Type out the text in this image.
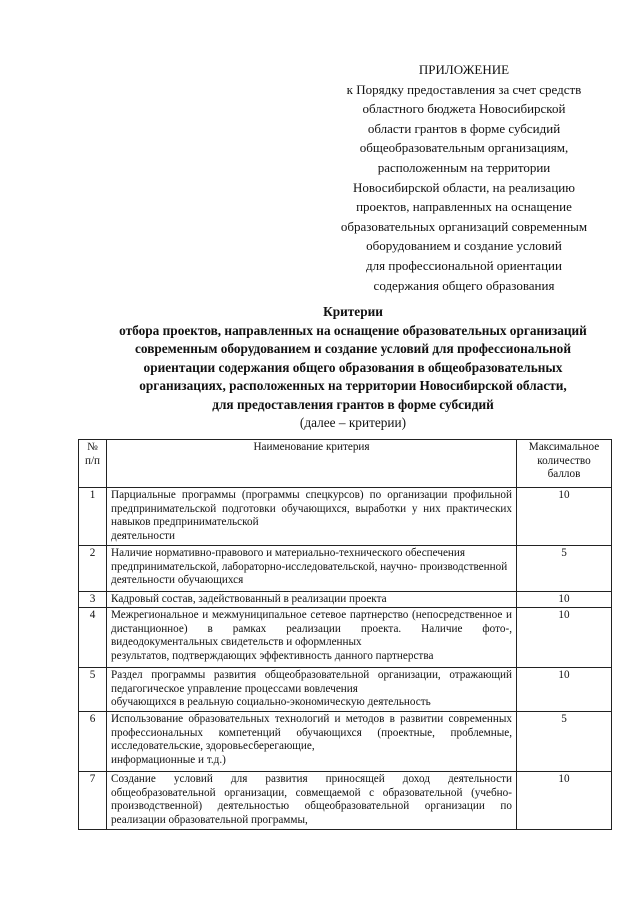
ПРИЛОЖЕНИЕ
к Порядку предоставления за счет средств
областного бюджета Новосибирской
области грантов в форме субсидий
общеобразовательным организациям,
расположенным на территории
Новосибирской области, на реализацию
проектов, направленных на оснащение
образовательных организаций современным
оборудованием и создание условий
для профессиональной ориентации
содержания общего образования
Критерии
отбора проектов, направленных на оснащение образовательных организаций
современным оборудованием и создание условий для профессиональной
ориентации содержания общего образования в общеобразовательных
организациях, расположенных на территории Новосибирской области,
для предоставления грантов в форме субсидий
(далее – критерии)
№
п/п	Наименование критерия	Максимальное количество баллов
1	Парциальные программы (программы спецкурсов) по организации профильной предпринимательской подготовки обучающихся, выработки у них практических навыков предпринимательской
деятельности	10
2	Наличие нормативно-правового и материально-технического обеспечения предпринимательской, лабораторно-исследовательской, научно- производственной деятельности обучающихся	5
3	Кадровый состав, задействованный в реализации проекта	10
4	Межрегиональное и межмуниципальное сетевое партнерство (непосредственное и дистанционное) в рамках реализации проекта. Наличие фото-, видеодокументальных свидетельств и оформленных
результатов, подтверждающих эффективность данного партнерства	10
5	Раздел программы развития общеобразовательной организации, отражающий педагогическое управление процессами вовлечения
обучающихся в реальную социально-экономическую деятельность	10
6	Использование образовательных технологий и методов в развитии современных профессиональных компетенций обучающихся (проектные, проблемные, исследовательские, здоровьесберегающие,
информационные и т.д.)	5
7	Создание условий для развития приносящей доход деятельности общеобразовательной организации, совмещаемой с образовательной (учебно-производственной) деятельностью общеобразовательной организации по реализации образовательной программы,	10
